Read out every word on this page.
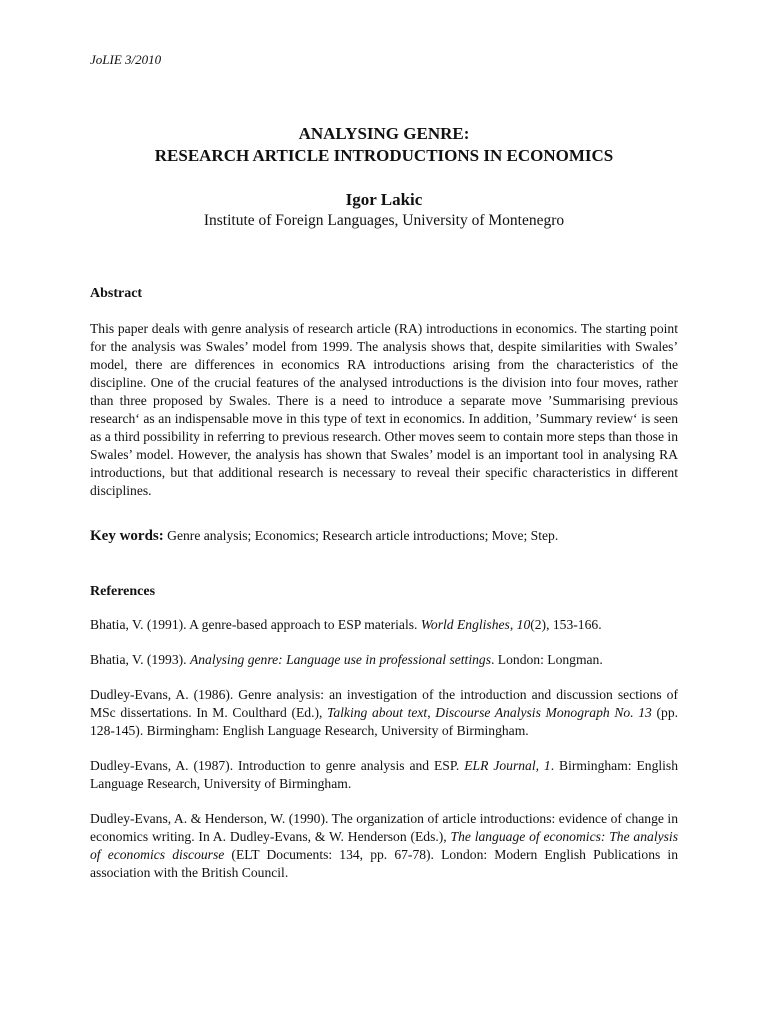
JoLIE 3/2010
ANALYSING GENRE:
RESEARCH ARTICLE INTRODUCTIONS IN ECONOMICS
Igor Lakic
Institute of Foreign Languages, University of Montenegro
Abstract
This paper deals with genre analysis of research article (RA) introductions in economics. The starting point for the analysis was Swales’ model from 1999. The analysis shows that, despite similarities with Swales’ model, there are differences in economics RA introductions arising from the characteristics of the discipline. One of the crucial features of the analysed introductions is the division into four moves, rather than three proposed by Swales. There is a need to introduce a separate move ’Summarising previous research‘ as an indispensable move in this type of text in economics. In addition, ’Summary review‘ is seen as a third possibility in referring to previous research. Other moves seem to contain more steps than those in Swales’ model. However, the analysis has shown that Swales’ model is an important tool in analysing RA introductions, but that additional research is necessary to reveal their specific characteristics in different disciplines.
Key words: Genre analysis; Economics; Research article introductions; Move; Step.
References

Bhatia, V. (1991). A genre-based approach to ESP materials. World Englishes, 10(2), 153-166.

Bhatia, V. (1993). Analysing genre: Language use in professional settings. London: Longman.

Dudley-Evans, A. (1986). Genre analysis: an investigation of the introduction and discussion sections of MSc dissertations. In M. Coulthard (Ed.), Talking about text, Discourse Analysis Monograph No. 13 (pp. 128-145). Birmingham: English Language Research, University of Birmingham.

Dudley-Evans, A. (1987). Introduction to genre analysis and ESP. ELR Journal, 1. Birmingham: English Language Research, University of Birmingham.

Dudley-Evans, A. & Henderson, W. (1990). The organization of article introductions: evidence of change in economics writing. In A. Dudley-Evans, & W. Henderson (Eds.), The language of economics: The analysis of economics discourse (ELT Documents: 134, pp. 67-78). London: Modern English Publications in association with the British Council.
